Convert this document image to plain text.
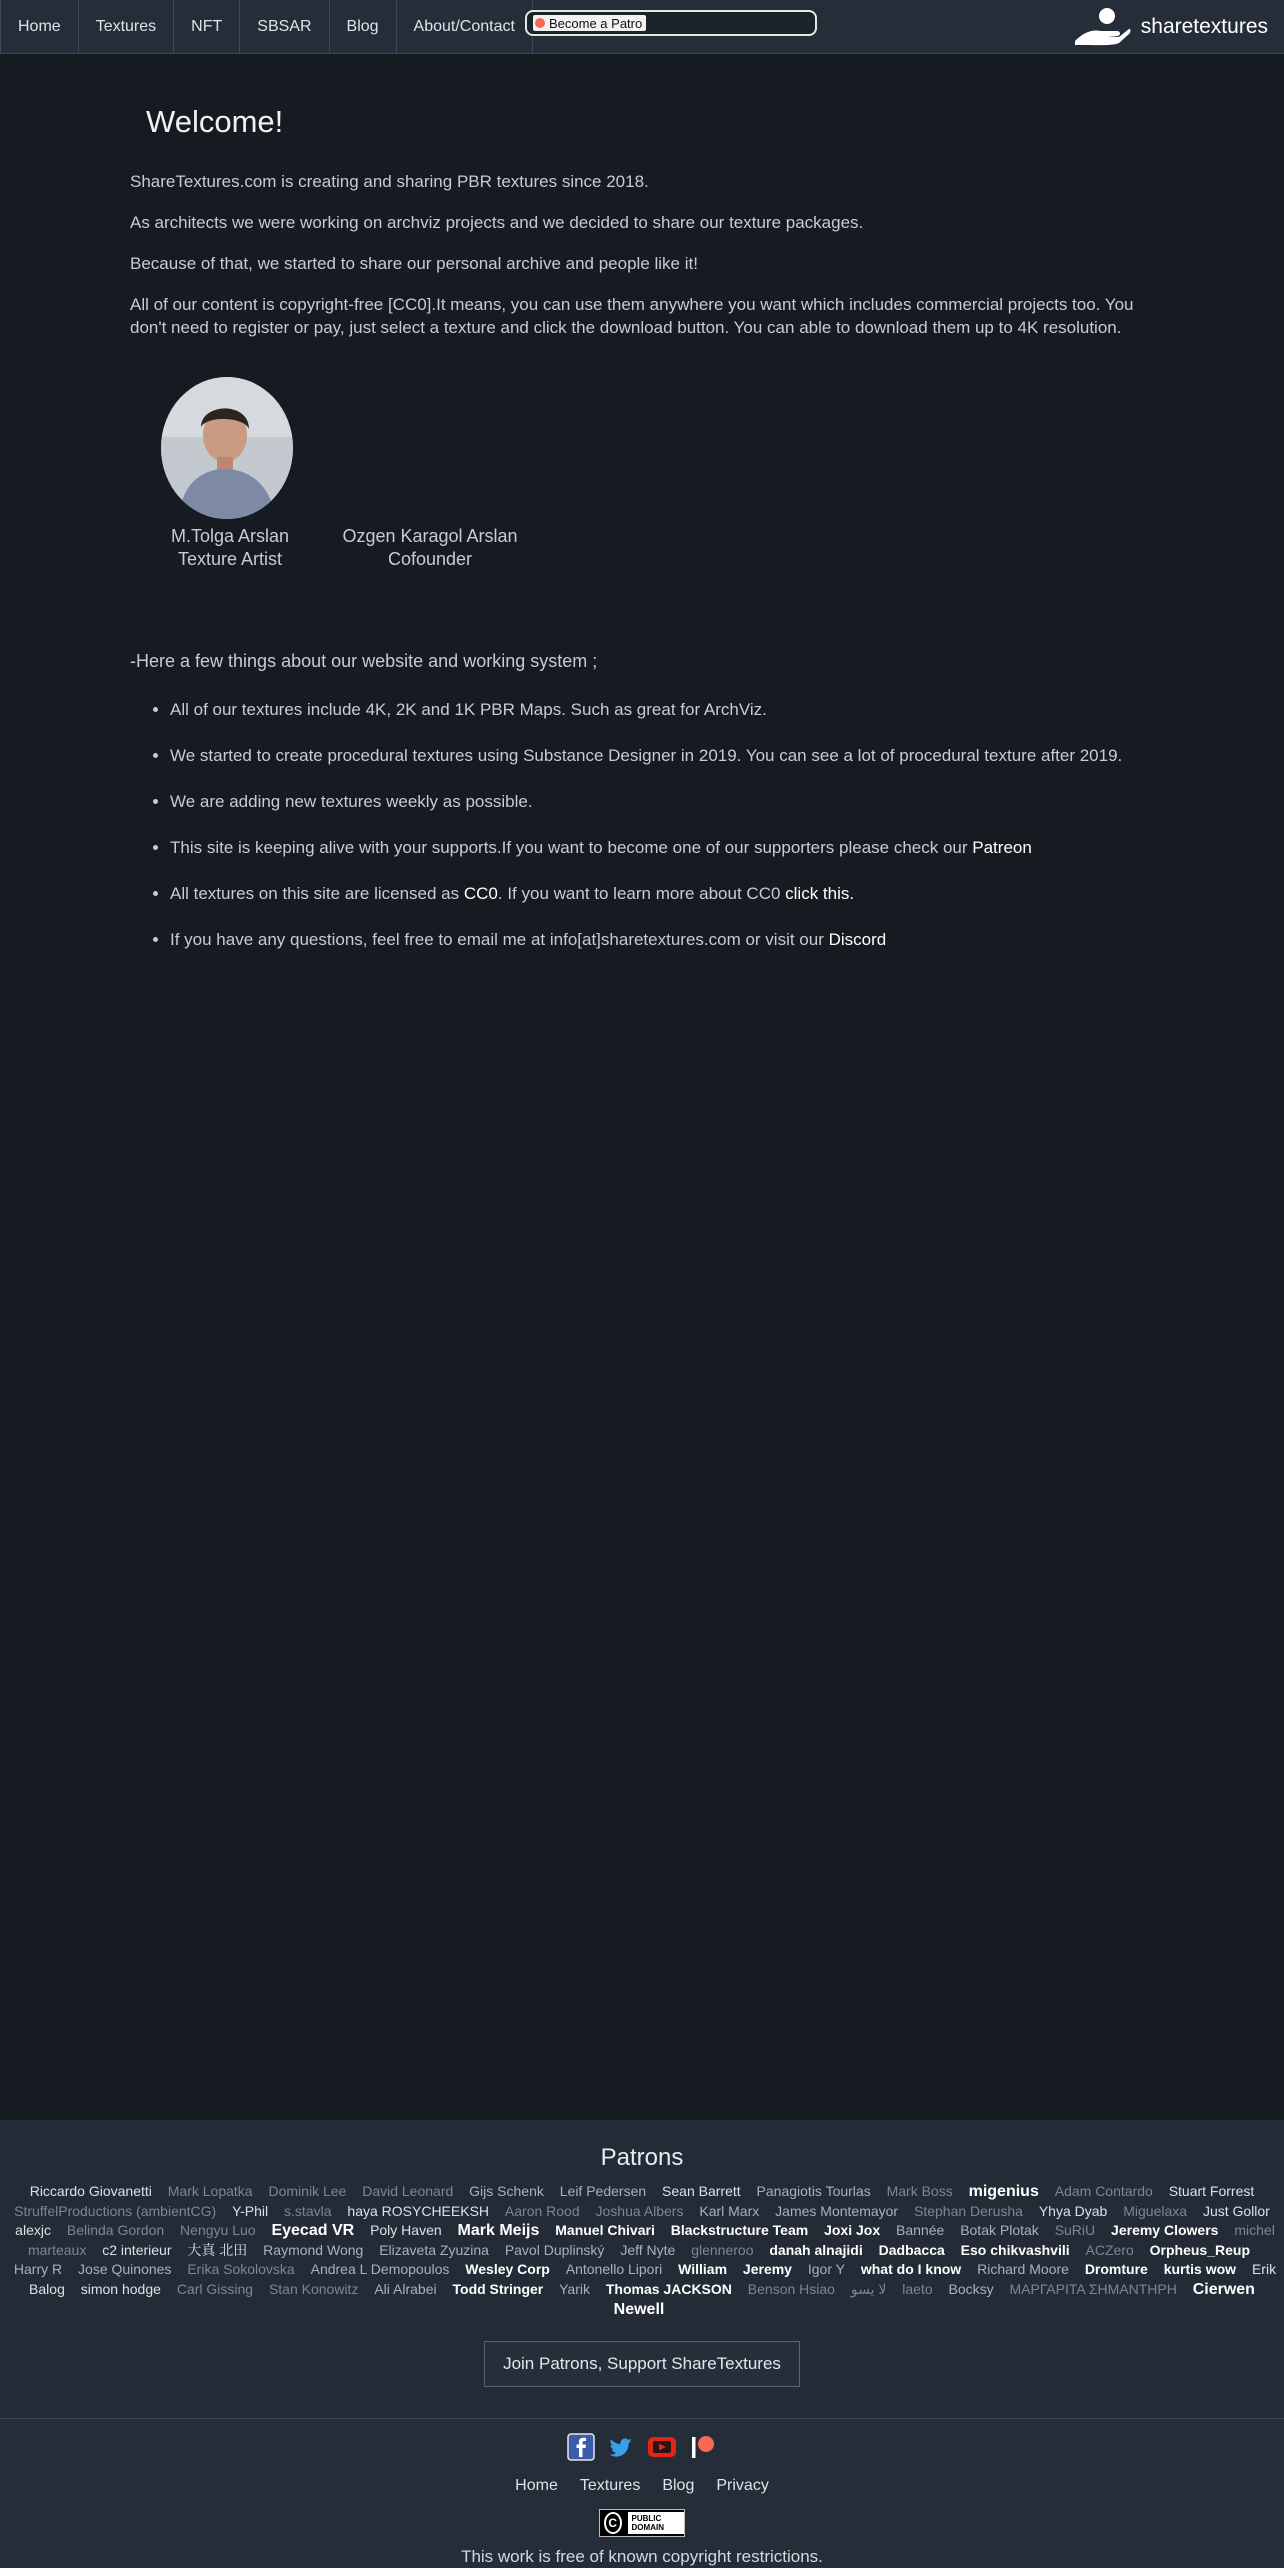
Home	Textures	NFT	SBSAR	Blog	About/Contact	Become a Patro	sharetextures
Welcome!

ShareTextures.com is creating and sharing PBR textures since 2018.

As architects we were working on archviz projects and we decided to share our texture packages.

Because of that, we started to share our personal archive and people like it!

All of our content is copyright-free [CC0].It means, you can use them anywhere you want which includes commercial projects too. You don't need to register or pay, just select a texture and click the download button. You can able to download them up to 4K resolution.

M.Tolga Arslan
Texture Artist
Ozgen Karagol Arslan
Cofounder

-Here a few things about our website and working system ;

• All of our textures include 4K, 2K and 1K PBR Maps. Such as great for ArchViz.
• We started to create procedural textures using Substance Designer in 2019. You can see a lot of procedural texture after 2019.
• We are adding new textures weekly as possible.
• This site is keeping alive with your supports.If you want to become one of our supporters please check our Patreon
• All textures on this site are licensed as CC0. If you want to learn more about CC0 click this.
• If you have any questions, feel free to email me at info[at]sharetextures.com or visit our Discord
Patrons
Riccardo Giovanetti Mark Lopatka Dominik Lee David Leonard Gijs Schenk Leif Pedersen Sean Barrett Panagiotis Tourlas Mark Boss migenius Adam Contardo Stuart Forrest StruffelProductions (ambientCG) Y-Phil s.stavla haya ROSYCHEEKSH Aaron Rood Joshua Albers Karl Marx James Montemayor Stephan Derusha Yhya Dyab Miguelaxa Just Gollor alexjc Belinda Gordon Nengyu Luo Eyecad VR Poly Haven Mark Meijs Manuel Chivari Blackstructure Team Joxi Jox Bannée Botak Plotak SuRiU Jeremy Clowers michel marteaux c2 interieur 大真 北田 Raymond Wong Elizaveta Zyuzina Pavol Duplinský Jeff Nyte glenneroo danah alnajidi Dadbacca Eso chikvashvili ACZero Orpheus_Reup Harry R Jose Quinones Erika Sokolovska Andrea L Demopoulos Wesley Corp Antonello Lipori William Jeremy Igor Y what do I know Richard Moore Dromture kurtis wow Erik Balog simon hodge Carl Gissing Stan Konowitz Ali Alrabei Todd Stringer Yarik Thomas JACKSON Benson Hsiao لا يسو laeto Bocksy ΜΑΡΓΑΡΙΤΑ ΣΗΜΑΝΤΗΡΗ Cierwen Newell
Join Patrons, Support ShareTextures
Home Textures Blog Privacy
C	PUBLIC DOMAIN
This work is free of known copyright restrictions.
